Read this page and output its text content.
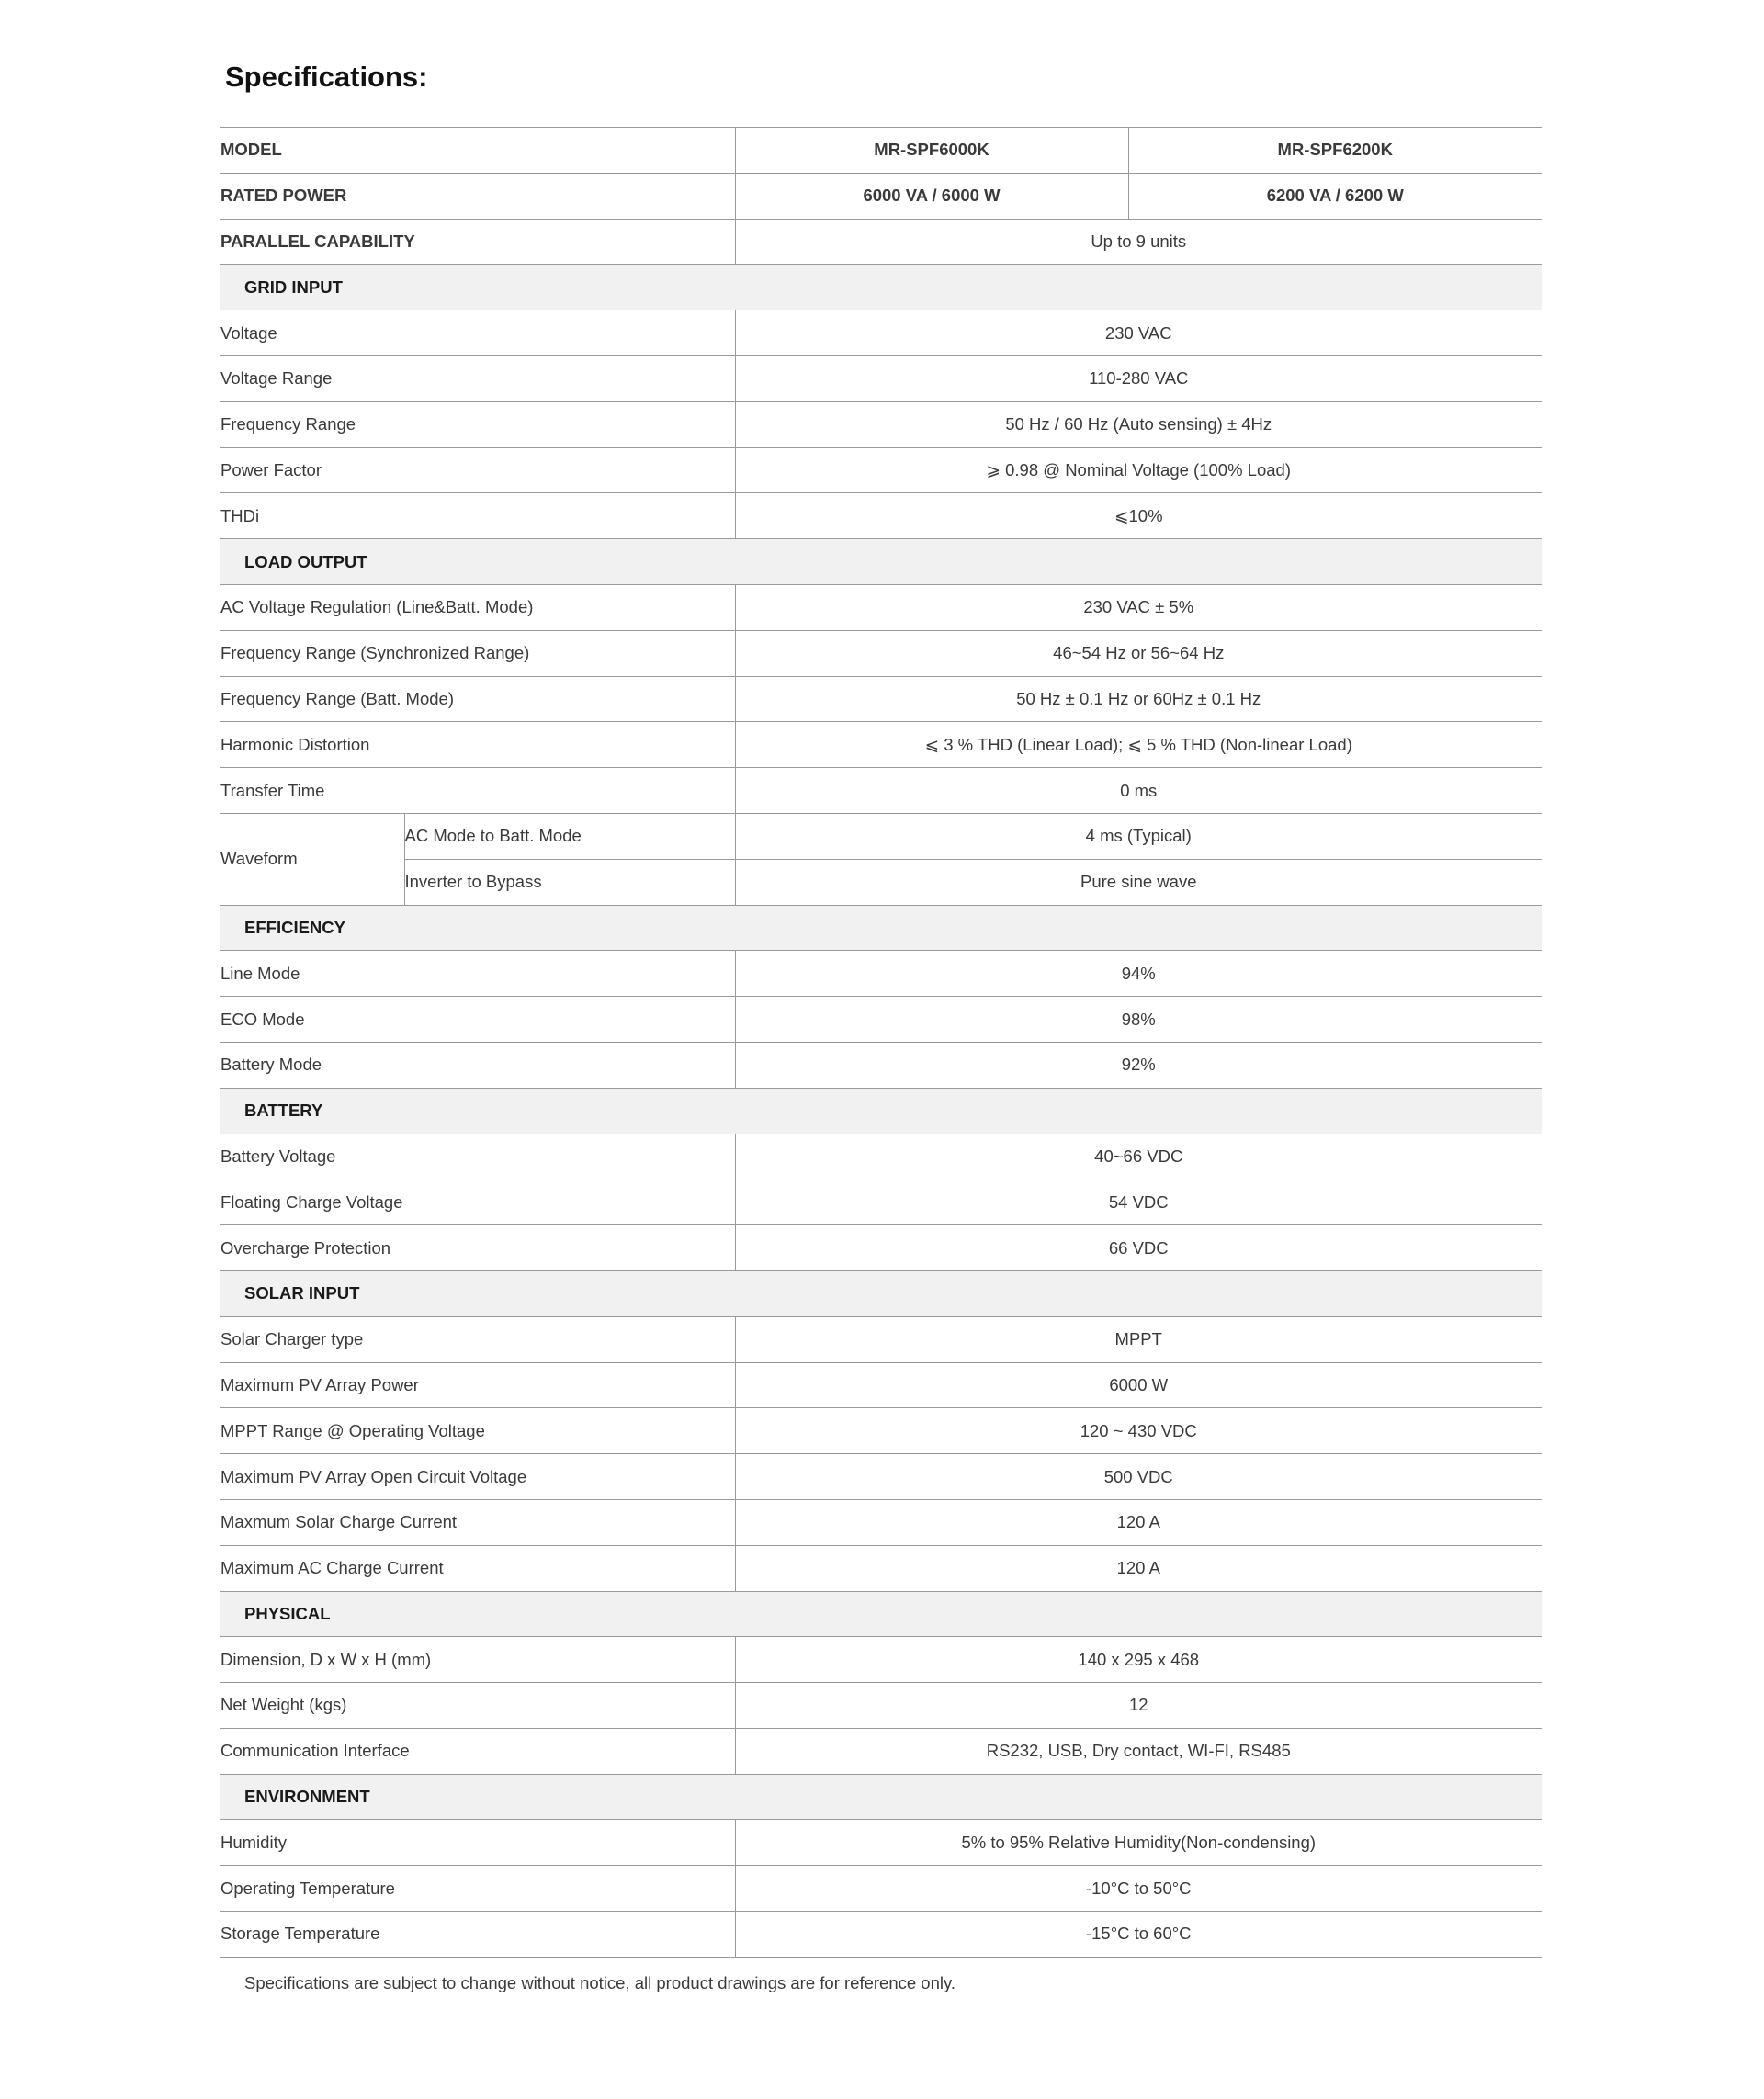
Specifications:
MODEL		MR-SPF6000K	MR-SPF6200K
RATED POWER		6000 VA / 6000 W	6200 VA / 6200 W
PARALLEL CAPABILITY		Up to 9 units	
GRID INPUT			
Voltage		230 VAC	
Voltage Range		110-280 VAC	
Frequency Range		50 Hz / 60 Hz (Auto sensing) ± 4Hz	
Power Factor		⩾ 0.98 @ Nominal Voltage (100% Load)	
THDi		⩽10%	
LOAD OUTPUT			
AC Voltage Regulation (Line&Batt. Mode)		230 VAC ± 5%	
Frequency Range (Synchronized Range)		46~54 Hz or 56~64 Hz	
Frequency Range (Batt. Mode)		50 Hz ± 0.1 Hz or 60Hz ± 0.1 Hz	
Harmonic Distortion		⩽ 3 % THD (Linear Load); ⩽ 5 % THD (Non-linear Load)	
Transfer Time		0 ms	
Waveform	AC Mode to Batt. Mode	4 ms (Typical)	
	Inverter to Bypass	Pure sine wave	
EFFICIENCY			
Line Mode		94%	
ECO Mode		98%	
Battery Mode		92%	
BATTERY			
Battery Voltage		40~66 VDC	
Floating Charge Voltage		54 VDC	
Overcharge Protection		66 VDC	
SOLAR INPUT			
Solar Charger type		MPPT	
Maximum PV Array Power		6000 W	
MPPT Range @ Operating Voltage		120 ~ 430 VDC	
Maximum PV Array Open Circuit Voltage		500 VDC	
Maxmum Solar Charge Current		120 A	
Maximum AC Charge Current		120 A	
PHYSICAL			
Dimension, D x W x H (mm)		140 x 295 x 468	
Net Weight (kgs)		12	
Communication Interface		RS232, USB, Dry contact, WI-FI, RS485	
ENVIRONMENT			
Humidity		5% to 95% Relative Humidity(Non-condensing)	
Operating Temperature		-10°C to 50°C	
Storage Temperature		-15°C to 60°C	
Specifications are subject to change without notice, all product drawings are for reference only.
